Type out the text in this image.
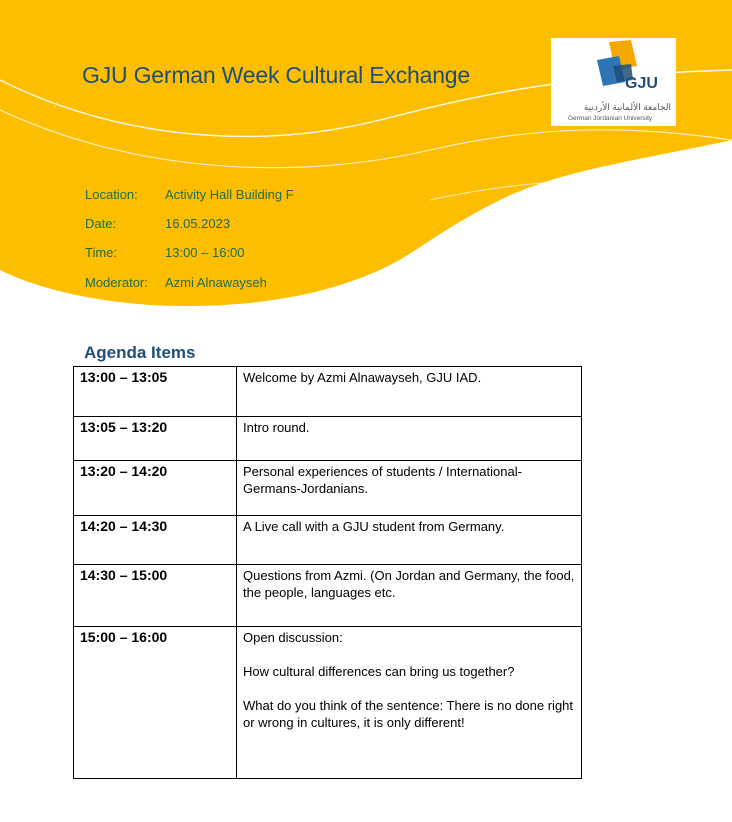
GJU German Week Cultural Exchange	GJU
الجامعة الألمانية الأردنية
German Jordanian University
Location: Activity Hall Building F
Date:	16.05.2023
Time:	13:00 – 16:00
Moderator: Azmi Alnawayseh
Agenda Items
13:00 – 13:05	Welcome by Azmi Alnawayseh, GJU IAD.

13:05 – 13:20	Intro round.

13:20 – 14:20	Personal experiences of students / International-Germans-Jordanians.

14:20 – 14:30	A Live call with a GJU student from Germany.

14:30 – 15:00	Questions from Azmi. (On Jordan and Germany, the food, the people, languages etc.

15:00 – 16:00	Open discussion:

How cultural differences can bring us together?

What do you think of the sentence: There is no done right or wrong in cultures, it is only different!
